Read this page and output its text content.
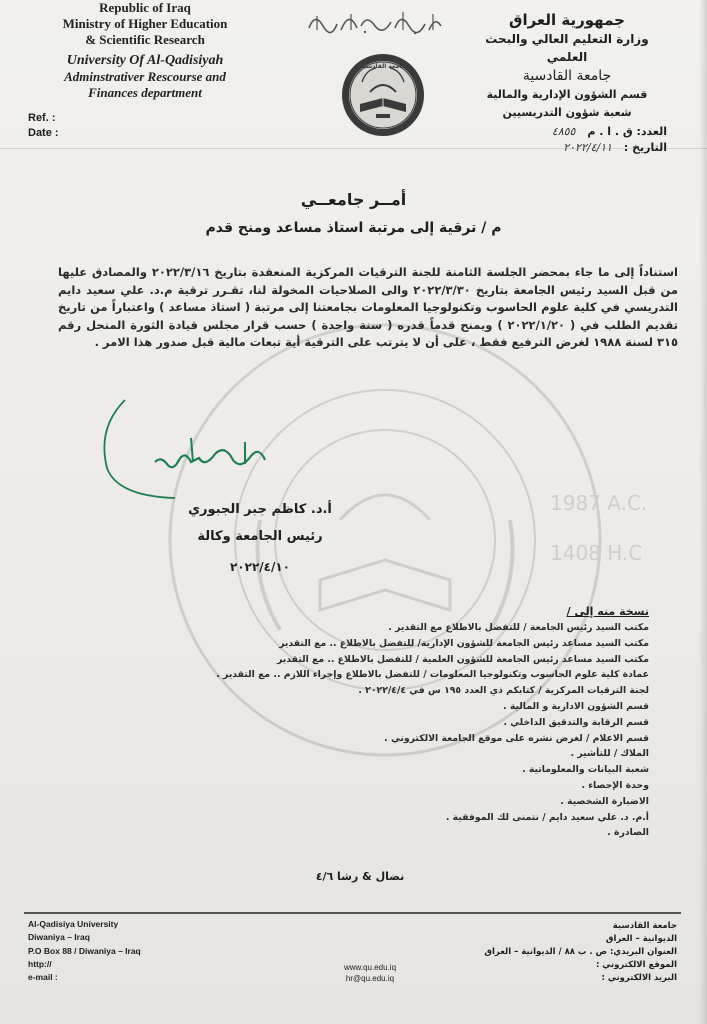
Republic of Iraq
Ministry of Higher Education
& Scientific Research
University Of Al-Qadisiyah
Adminstrativer Rescourse and
Finances department
Ref. :
Date :
جامعة القادسية
جمهورية العراق
وزارة التعليم العالي والبحث العلمي
جامعة القادسية
قسم الشؤون الإدارية والمالية
شعبة شؤون التدريسيين
العدد: ق . ا . م ٤٨٥٥
التاريخ : ٢٠٢٢/٤/١١
1987 A.C.
1408 H.C
أمــر جامعــي
م / ترقية إلى مرتبة استاذ مساعد ومنح قدم
استناداً إلى ما جاء بمحضر الجلسة الثامنة للجنة الترقيات المركزية المنعقدة بتاريخ ٢٠٢٢/٣/١٦ والمصادق عليها من قبل السيد رئيس الجامعة بتاريخ ٢٠٢٢/٣/٣٠ والى الصلاحيات المخولة لنا، تقـرر ترقية م.د. علي سعيد دايم التدريسي في كلية علوم الحاسوب وتكنولوجيا المعلومات بجامعتنا إلى مرتبة ( استاذ مساعد ) واعتباراً من تاريخ تقديم الطلب في ( ٢٠٢٢/١/٢٠ ) ويمنح قدماً قدره ( سنة واحدة ) حسب قرار مجلس قيادة الثورة المنحل رقم ٣١٥ لسنة ١٩٨٨ لغرض الترفيع فقط ، على أن لا يترتب على الترقية أية تبعات مالية قبل صدور هذا الامر .
أ.د. كاظم جبر الجبوري
رئيس الجامعة وكالة
٢٠٢٢/٤/١٠
نسخة منه إلى /
مكتب السيد رئيس الجامعة / للتفضل بالاطلاع مع التقدير .
مكتب السيد مساعد رئيس الجامعة للشؤون الإدارية/ للتفضل بالاطلاع .. مع التقدير
مكتب السيد مساعد رئيس الجامعة للشؤون العلمية / للتفضل بالاطلاع .. مع التقدير
عمادة كلية علوم الحاسوب وتكنولوجيا المعلومات / للتفضل بالاطلاع وإجراء اللازم .. مع التقدير .
لجنة الترقيات المركزية / كتابكم ذي العدد ١٩٥ س في ٢٠٢٢/٤/٤ .
قسم الشؤون الادارية و المالية .
قسم الرقابة والتدقيق الداخلي .
قسم الاعلام / لغرض نشره على موقع الجامعة الالكتروني .
الملاك / للتأشير .
شعبة البيانات والمعلوماتية .
وحدة الإحصاء .
الاضبارة الشخصية .
أ.م. د. علي سعيد دايم / نتمنى لك الموفقية .
الصادرة .
نضال & رشا ٤/٦
Al-Qadisiya University
Diwaniya – Iraq
P.O Box 88 / Diwaniya – Iraq
http://
e-mail :
www.qu.edu.iq
hr@qu.edu.iq
جامعة القادسية
الديوانية – العراق
العنوان البريدي: ص . ب ٨٨ / الديوانية – العراق
الموقع الالكتروني :
البريد الالكتروني :
